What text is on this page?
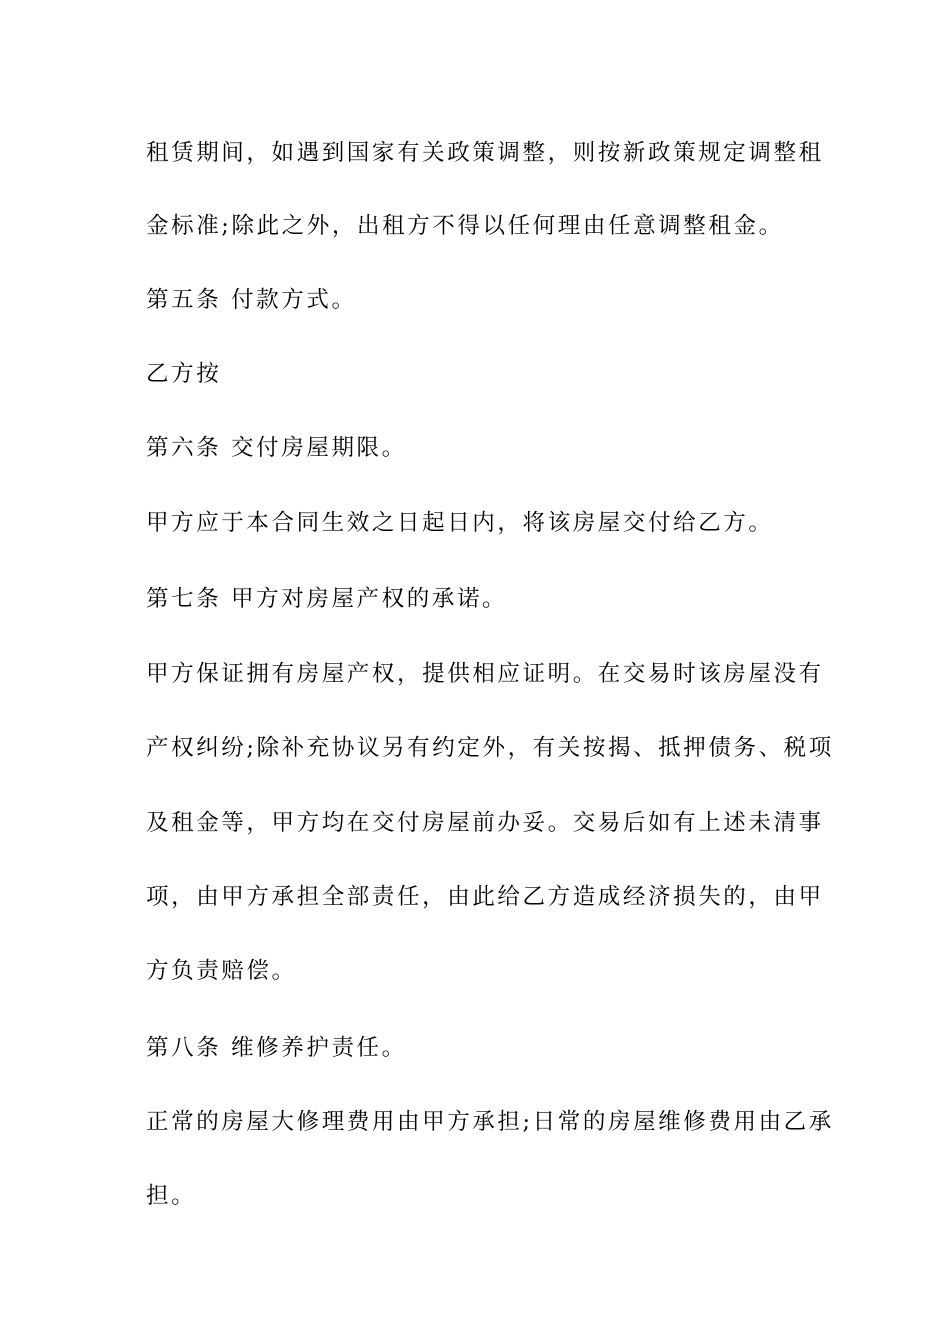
租赁期间，如遇到国家有关政策调整，则按新政策规定调整租
金标准;除此之外，出租方不得以任何理由任意调整租金。
第五条 付款方式。
乙方按
第六条 交付房屋期限。
甲方应于本合同生效之日起日内，将该房屋交付给乙方。
第七条 甲方对房屋产权的承诺。
甲方保证拥有房屋产权，提供相应证明。在交易时该房屋没有
产权纠纷;除补充协议另有约定外，有关按揭、抵押债务、税项
及租金等，甲方均在交付房屋前办妥。交易后如有上述未清事
项，由甲方承担全部责任，由此给乙方造成经济损失的，由甲
方负责赔偿。
第八条 维修养护责任。
正常的房屋大修理费用由甲方承担;日常的房屋维修费用由乙承
担。
